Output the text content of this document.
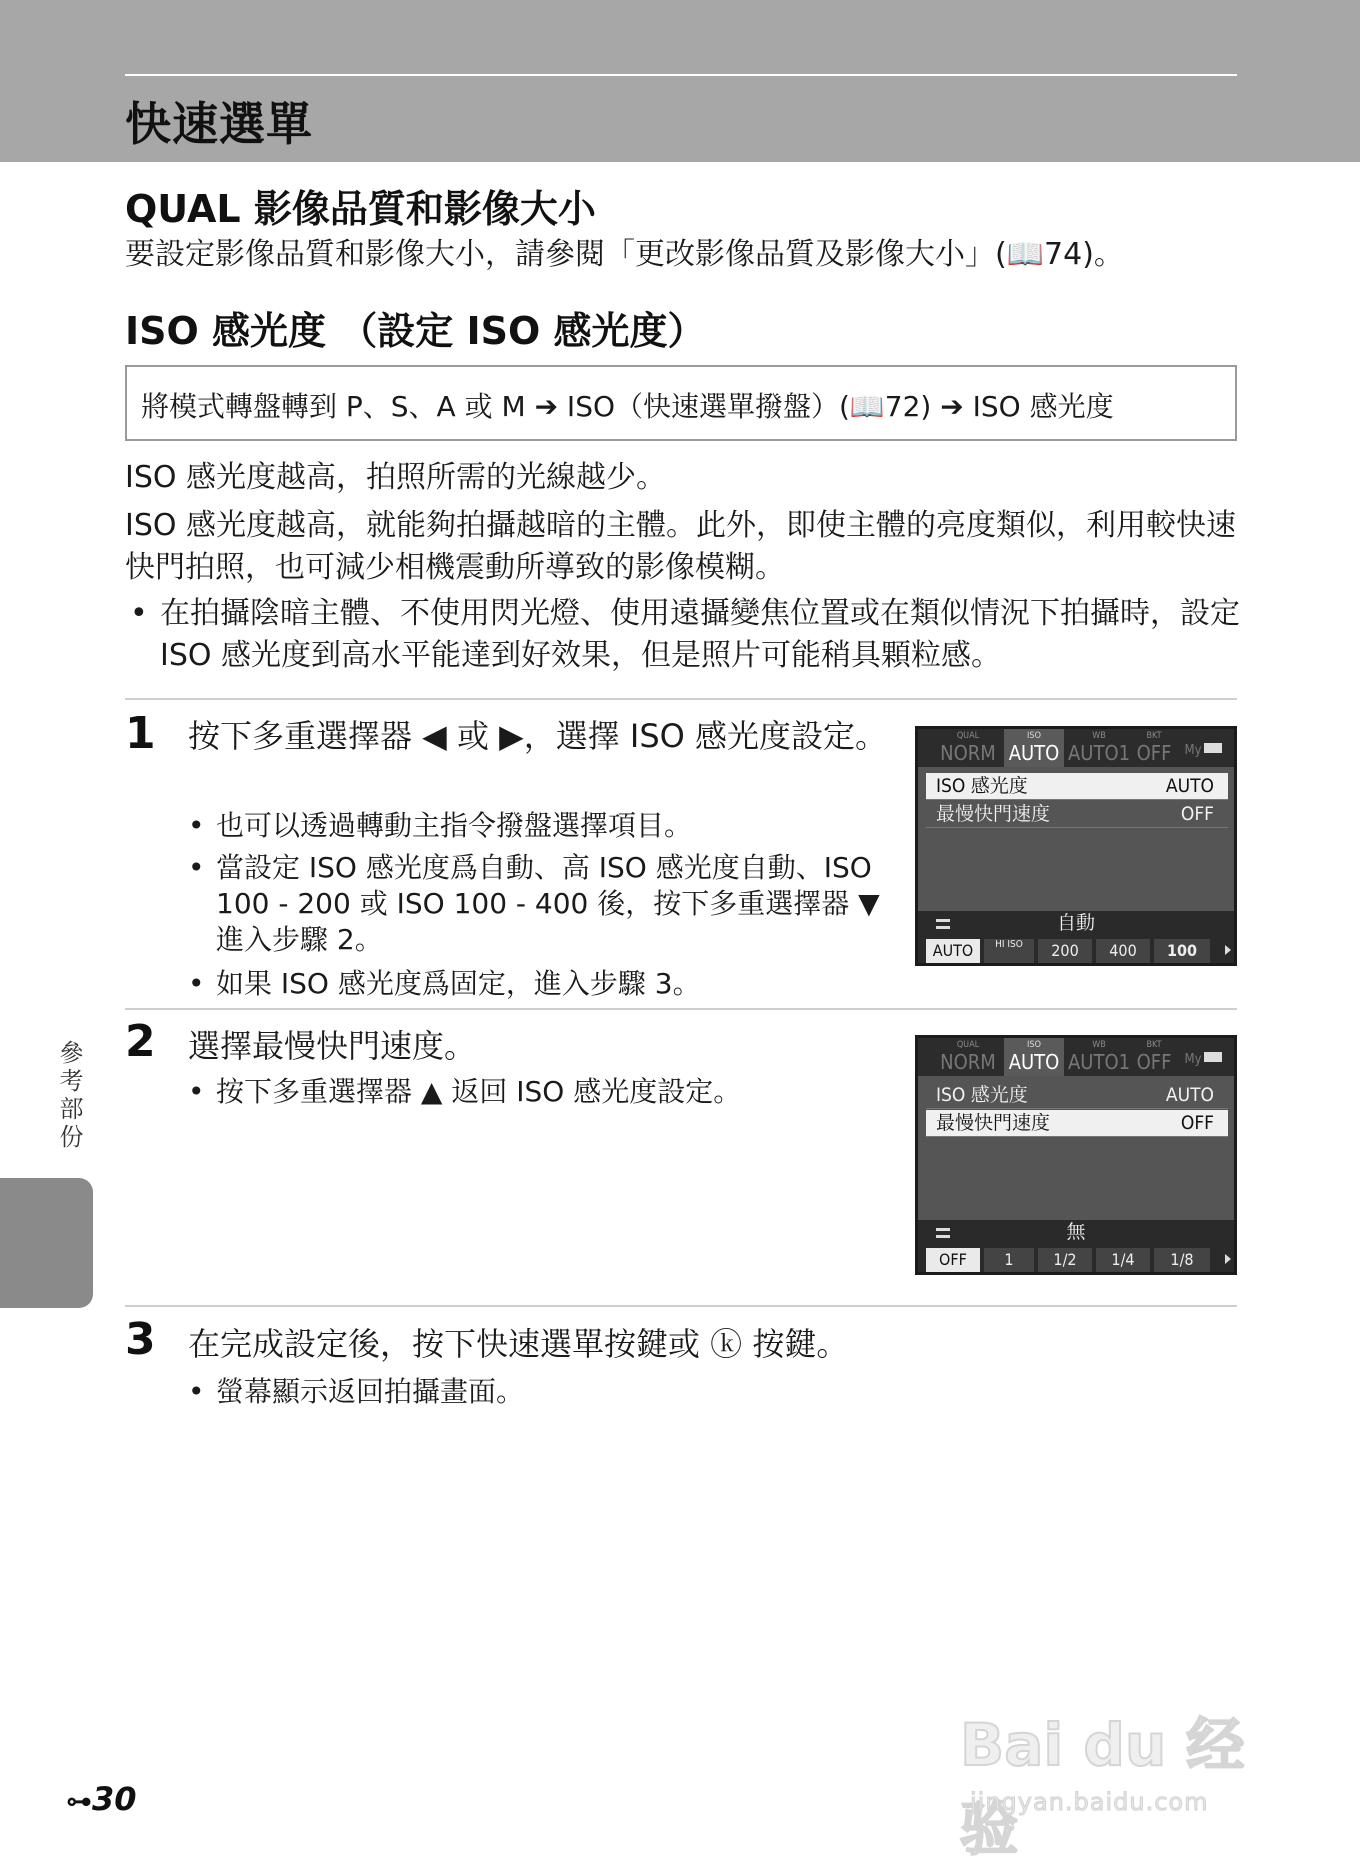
快速選單
QUAL 影像品質和影像大小
要設定影像品質和影像大小，請參閱「更改影像品質及影像大小」(📖74)。
ISO 感光度 （設定 ISO 感光度）
將模式轉盤轉到 P、S、A 或 M ➔ ISO（快速選單撥盤）(📖72) ➔ ISO 感光度
ISO 感光度越高，拍照所需的光線越少。
ISO 感光度越高，就能夠拍攝越暗的主體。此外，即使主體的亮度類似，利用較快速快門拍照，也可減少相機震動所導致的影像模糊。
• 在拍攝陰暗主體、不使用閃光燈、使用遠攝變焦位置或在類似情況下拍攝時，設定 ISO 感光度到高水平能達到好效果，但是照片可能稍具顆粒感。
1 按下多重選擇器 ◀ 或 ▶，選擇 ISO 感光度設定。
• 也可以透過轉動主指令撥盤選擇項目。
• 當設定 ISO 感光度爲自動、高 ISO 感光度自動、ISO 100 - 200 或 ISO 100 - 400 後，按下多重選擇器 ▼ 進入步驟 2。
• 如果 ISO 感光度爲固定，進入步驟 3。
QUAL
NORM
ISO
AUTO
WB
AUTO1
BKT
OFF	My
ISO 感光度	AUTO
最慢快門速度	OFF
自動
AUTO	HI ISO	200	400	100
2 選擇最慢快門速度。
• 按下多重選擇器 ▲ 返回 ISO 感光度設定。
QUAL
NORM
ISO
AUTO
WB
AUTO1
BKT
OFF	My
ISO 感光度	AUTO
最慢快門速度	OFF
無
OFF	1	1/2	1/4	1/8
參考部份
3 在完成設定後，按下快速選單按鍵或 ⓚ 按鍵。
• 螢幕顯示返回拍攝畫面。
⊶30
Bai du 经验
jingyan.baidu.com
